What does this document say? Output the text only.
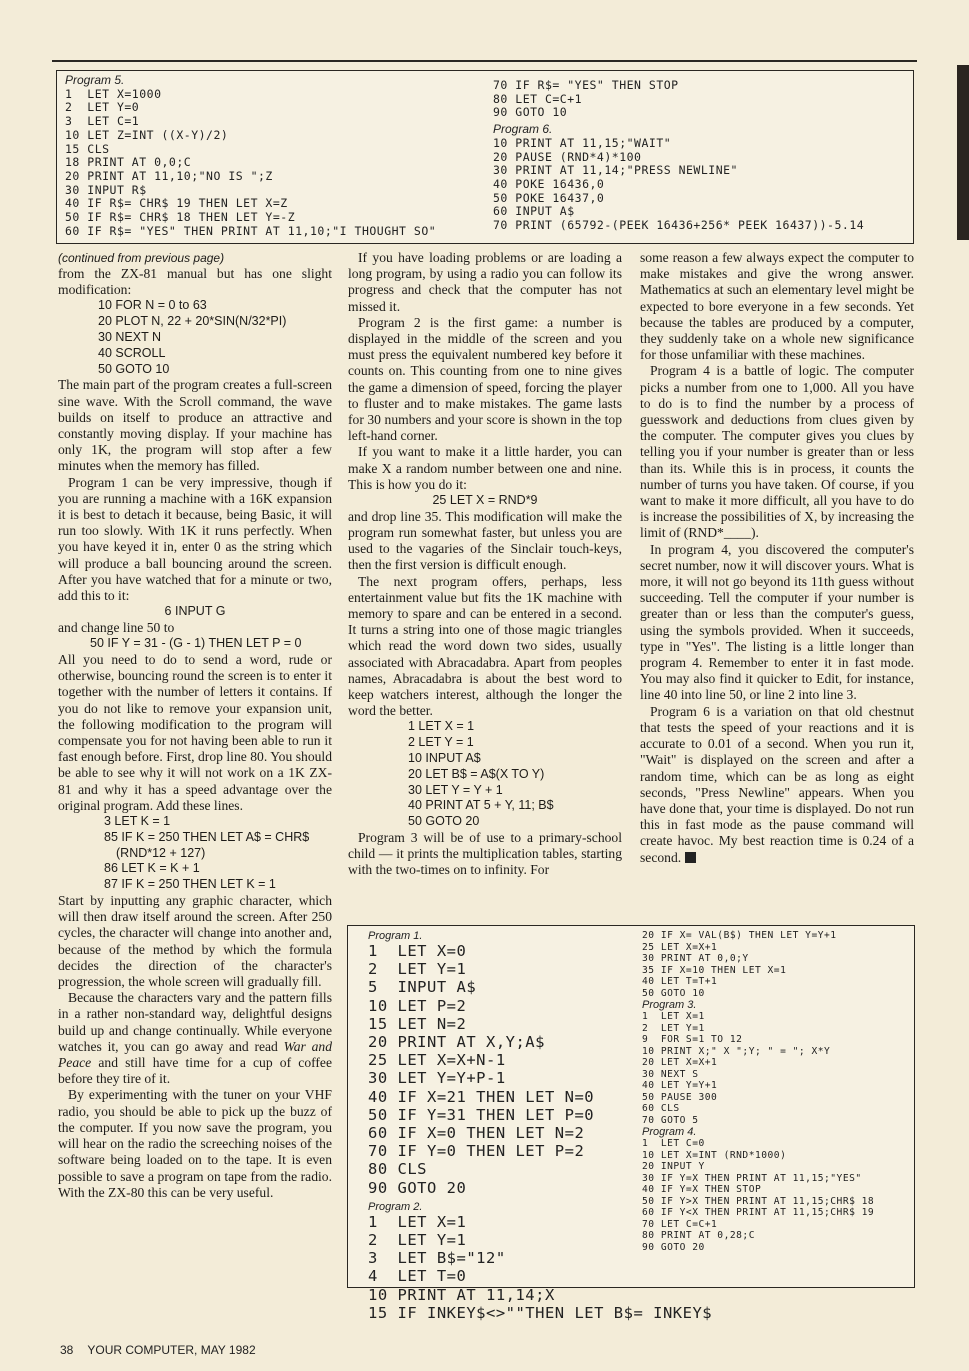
Program 5.
1  LET X=1000
2  LET Y=0
3  LET C=1
10 LET Z=INT ((X-Y)/2)
15 CLS
18 PRINT AT 0,0;C
20 PRINT AT 11,10;"NO IS ";Z
30 INPUT R$
40 IF R$= CHR$ 19 THEN LET X=Z
50 IF R$= CHR$ 18 THEN LET Y=-Z
60 IF R$= "YES" THEN PRINT AT 11,10;"I THOUGHT SO"
70 IF R$= "YES" THEN STOP
80 LET C=C+1
90 GOTO 10
Program 6.
10 PRINT AT 11,15;"WAIT"
20 PAUSE (RND*4)*100
30 PRINT AT 11,14;"PRESS NEWLINE"
40 POKE 16436,0
50 POKE 16437,0
60 INPUT A$
70 PRINT (65792-(PEEK 16436+256* PEEK 16437))-5.14
(continued from previous page)

from the ZX-81 manual but has one slight modification:

10 FOR N = 0 to 63
20 PLOT N, 22 + 20*SIN(N/32*PI)
30 NEXT N
40 SCROLL
50 GOTO 10

The main part of the program creates a full-screen sine wave. With the Scroll command, the wave builds on itself to produce an attractive and constantly moving display. If your machine has only 1K, the program will stop after a few minutes when the memory has filled.

Program 1 can be very impressive, though if you are running a machine with a 16K expansion it is best to detach it because, being Basic, it will run too slowly. With 1K it runs perfectly. When you have keyed it in, enter 0 as the string which will produce a ball bouncing around the screen. After you have watched that for a minute or two, add this to it:

6 INPUT G

and change line 50 to

50 IF Y = 31 - (G - 1) THEN LET P = 0

All you need to do to send a word, rude or otherwise, bouncing round the screen is to enter it together with the number of letters it contains. If you do not like to remove your expansion unit, the following modification to the program will compensate you for not having been able to run it fast enough before. First, drop line 80. You should be able to see why it will not work on a 1K ZX-81 and why it has a speed advantage over the original program. Add these lines.

3 LET K = 1
85 IF K = 250 THEN LET A$ = CHR$
(RND*12 + 127)
86 LET K = K + 1
87 IF K = 250 THEN LET K = 1

Start by inputting any graphic character, which will then draw itself around the screen. After 250 cycles, the character will change into another and, because of the method by which the formula decides the direction of the character's progression, the whole screen will gradually fill.

Because the characters vary and the pattern fills in a rather non-standard way, delightful designs build up and change continually. While everyone watches it, you can go away and read War and Peace and still have time for a cup of coffee before they tire of it.

By experimenting with the tuner on your VHF radio, you should be able to pick up the buzz of the computer. If you now save the program, you will hear on the radio the screeching noises of the software being loaded on to the tape. It is even possible to save a program on tape from the radio. With the ZX-80 this can be very useful.

If you have loading problems or are loading a long program, by using a radio you can follow its progress and check that the computer has not missed it.

Program 2 is the first game: a number is displayed in the middle of the screen and you must press the equivalent numbered key before it counts on. This counting from one to nine gives the game a dimension of speed, forcing the player to fluster and to make mistakes. The game lasts for 30 numbers and your score is shown in the top left-hand corner.

If you want to make it a little harder, you can make X a random number between one and nine. This is how you do it:

25 LET X = RND*9

and drop line 35. This modification will make the program run somewhat faster, but unless you are used to the vagaries of the Sinclair touch-keys, then the first version is difficult enough.

The next program offers, perhaps, less entertainment value but fits the 1K machine with memory to spare and can be entered in a second. It turns a string into one of those magic triangles which read the word down two sides, usually associated with Abracadabra. Apart from peoples names, Abracadabra is about the best word to keep watchers interest, although the longer the word the better.

1 LET X = 1
2 LET Y = 1
10 INPUT A$
20 LET B$ = A$(X TO Y)
30 LET Y = Y + 1
40 PRINT AT 5 + Y, 11; B$
50 GOTO 20

Program 3 will be of use to a primary-school child — it prints the multiplication tables, starting with the two-times on to infinity. For

some reason a few always expect the computer to make mistakes and give the wrong answer. Mathematics at such an elementary level might be expected to bore everyone in a few seconds. Yet because the tables are produced by a computer, they suddenly take on a whole new significance for those unfamiliar with these machines.

Program 4 is a battle of logic. The computer picks a number from one to 1,000. All you have to do is to find the number by a process of guesswork and deductions from clues given by the computer. The computer gives you clues by telling you if your number is greater than or less than its. While this is in process, it counts the number of turns you have taken. Of course, if you want to make it more difficult, all you have to do is increase the possibilities of X, by increasing the limit of (RND*____).

In program 4, you discovered the computer's secret number, now it will discover yours. What is more, it will not go beyond its 11th guess without succeeding. Tell the computer if your number is greater than or less than the computer's guess, using the symbols provided. When it succeeds, type in "Yes". The listing is a little longer than program 4. Remember to enter it in fast mode. You may also find it quicker to Edit, for instance, line 40 into line 50, or line 2 into line 3.

Program 6 is a variation on that old chestnut that tests the speed of your reactions and it is accurate to 0.01 of a second. When you run it, "Wait" is displayed on the screen and after a random time, which can be as long as eight seconds, "Press Newline" appears. When you have done that, your time is displayed. Do not run this in fast mode as the pause command will create havoc. My best reaction time is 0.24 of a second.

Program 1.
1  LET X=0
2  LET Y=1
5  INPUT A$
10 LET P=2
15 LET N=2
20 PRINT AT X,Y;A$
25 LET X=X+N-1
30 LET Y=Y+P-1
40 IF X=21 THEN LET N=0
50 IF Y=31 THEN LET P=0
60 IF X=0 THEN LET N=2
70 IF Y=0 THEN LET P=2
80 CLS
90 GOTO 20
Program 2.
1  LET X=1
2  LET Y=1
3  LET B$="12"
4  LET T=0
10 PRINT AT 11,14;X
15 IF INKEY$<>""THEN LET B$= INKEY$
20 IF X= VAL(B$) THEN LET Y=Y+1
25 LET X=X+1
30 PRINT AT 0,0;Y
35 IF X=10 THEN LET X=1
40 LET T=T+1
50 GOTO 10
Program 3.
1  LET X=1
2  LET Y=1
9  FOR S=1 TO 12
10 PRINT X;" X ";Y; " = "; X*Y
20 LET X=X+1
30 NEXT S
40 LET Y=Y+1
50 PAUSE 300
60 CLS
70 GOTO 5
Program 4.
1  LET C=0
10 LET X=INT (RND*1000)
20 INPUT Y
30 IF Y=X THEN PRINT AT 11,15;"YES"
40 IF Y=X THEN STOP
50 IF Y>X THEN PRINT AT 11,15;CHR$ 18
60 IF Y<X THEN PRINT AT 11,15;CHR$ 19
70 LET C=C+1
80 PRINT AT 0,28;C
90 GOTO 20
38 YOUR COMPUTER, MAY 1982
